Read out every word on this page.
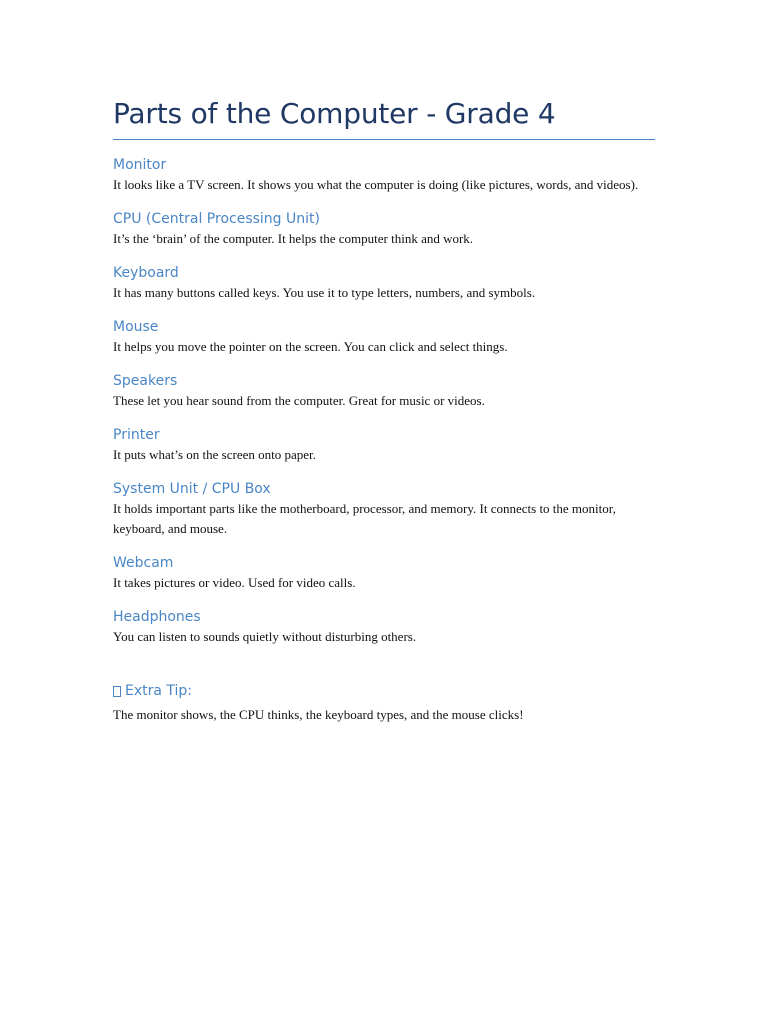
Parts of the Computer - Grade 4
Monitor

It looks like a TV screen. It shows you what the computer is doing (like pictures, words, and videos).

CPU (Central Processing Unit)

It’s the ‘brain’ of the computer. It helps the computer think and work.

Keyboard

It has many buttons called keys. You use it to type letters, numbers, and symbols.

Mouse

It helps you move the pointer on the screen. You can click and select things.

Speakers

These let you hear sound from the computer. Great for music or videos.

Printer

It puts what’s on the screen onto paper.

System Unit / CPU Box

It holds important parts like the motherboard, processor, and memory. It connects to the monitor, keyboard, and mouse.

Webcam

It takes pictures or video. Used for video calls.

Headphones

You can listen to sounds quietly without disturbing others.

Extra Tip:

The monitor shows, the CPU thinks, the keyboard types, and the mouse clicks!
